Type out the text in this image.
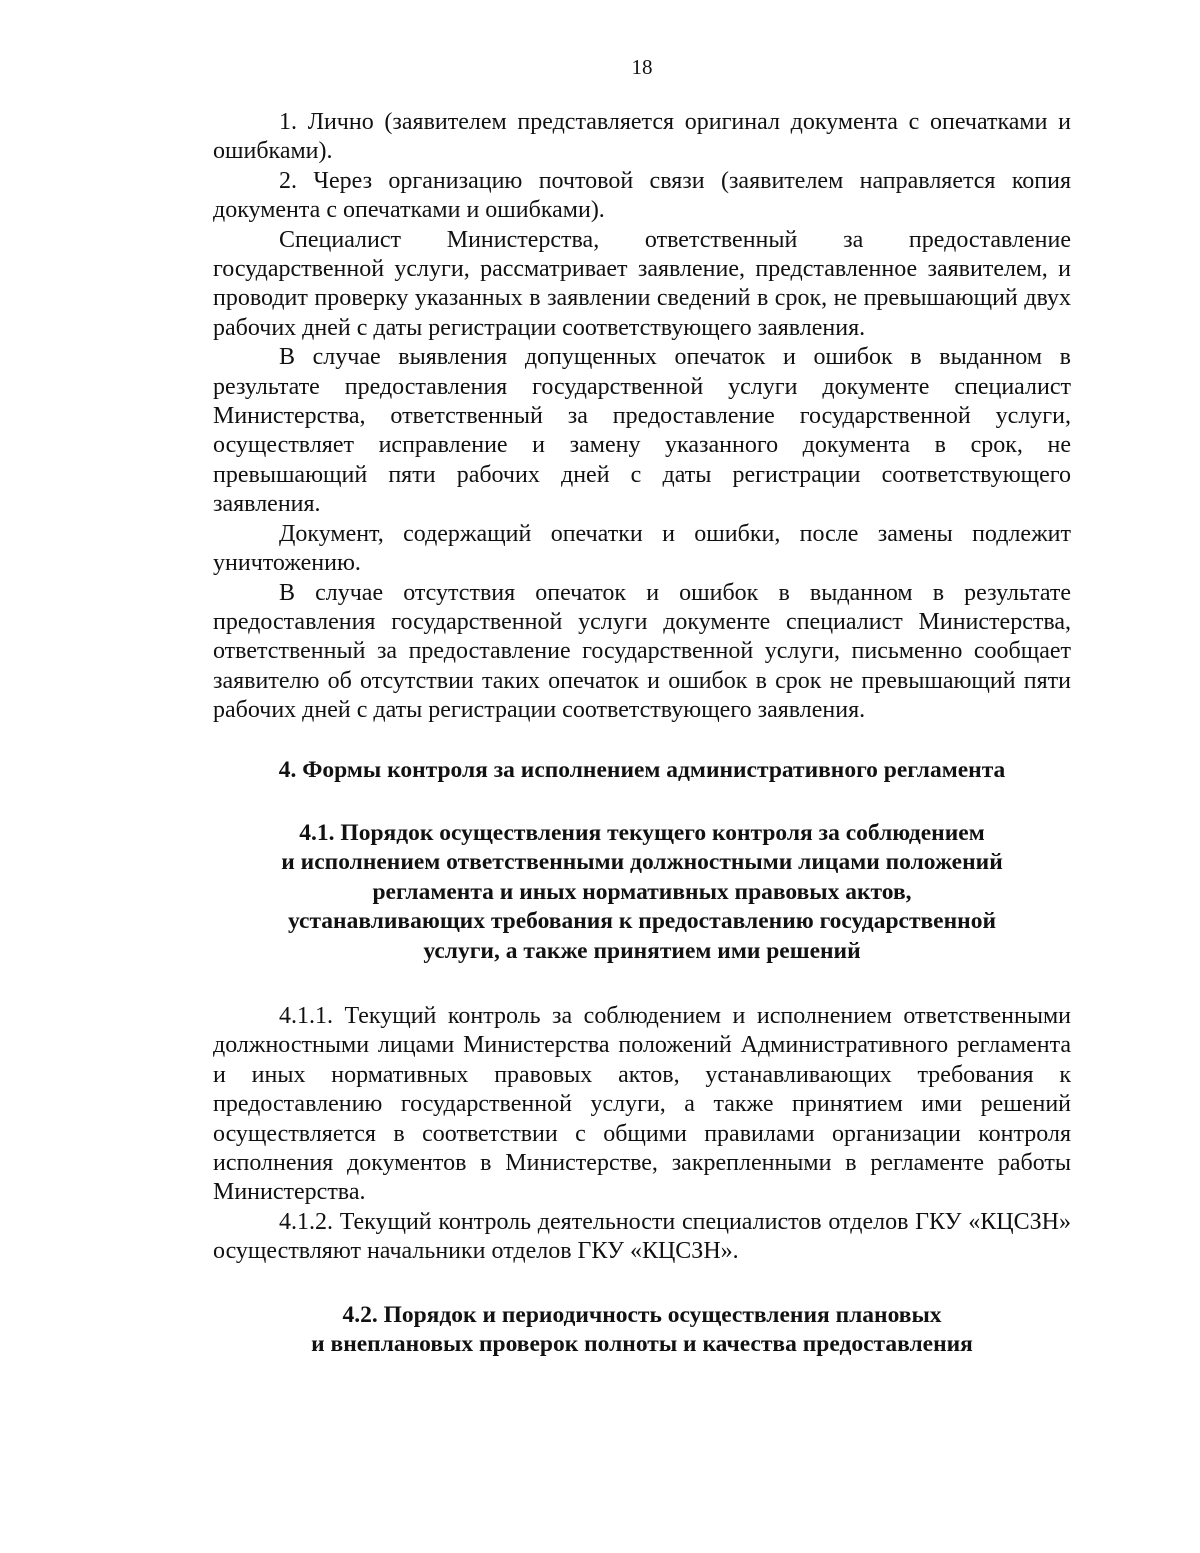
18

1. Лично (заявителем представляется оригинал документа с опечатками и ошибками).

2. Через организацию почтовой связи (заявителем направляется копия документа с опечатками и ошибками).

Специалист Министерства, ответственный за предоставление государственной услуги, рассматривает заявление, представленное заявителем, и проводит проверку указанных в заявлении сведений в срок, не превышающий двух рабочих дней с даты регистрации соответствующего заявления.

В случае выявления допущенных опечаток и ошибок в выданном в результате предоставления государственной услуги документе специалист Министерства, ответственный за предоставление государственной услуги, осуществляет исправление и замену указанного документа в срок, не превышающий пяти рабочих дней с даты регистрации соответствующего заявления.

Документ, содержащий опечатки и ошибки, после замены подлежит уничтожению.

В случае отсутствия опечаток и ошибок в выданном в результате предоставления государственной услуги документе специалист Министерства, ответственный за предоставление государственной услуги, письменно сообщает заявителю об отсутствии таких опечаток и ошибок в срок не превышающий пяти рабочих дней с даты регистрации соответствующего заявления.

4. Формы контроля за исполнением административного регламента
4.1. Порядок осуществления текущего контроля за соблюдением
и исполнением ответственными должностными лицами положений
регламента и иных нормативных правовых актов,
устанавливающих требования к предоставлению государственной
услуги, а также принятием ими решений

4.1.1. Текущий контроль за соблюдением и исполнением ответственными должностными лицами Министерства положений Административного регламента и иных нормативных правовых актов, устанавливающих требования к предоставлению государственной услуги, а также принятием ими решений осуществляется в соответствии с общими правилами организации контроля исполнения документов в Министерстве, закрепленными в регламенте работы Министерства.

4.1.2. Текущий контроль деятельности специалистов отделов ГКУ «КЦСЗН» осуществляют начальники отделов ГКУ «КЦСЗН».

4.2. Порядок и периодичность осуществления плановых
и внеплановых проверок полноты и качества предоставления
